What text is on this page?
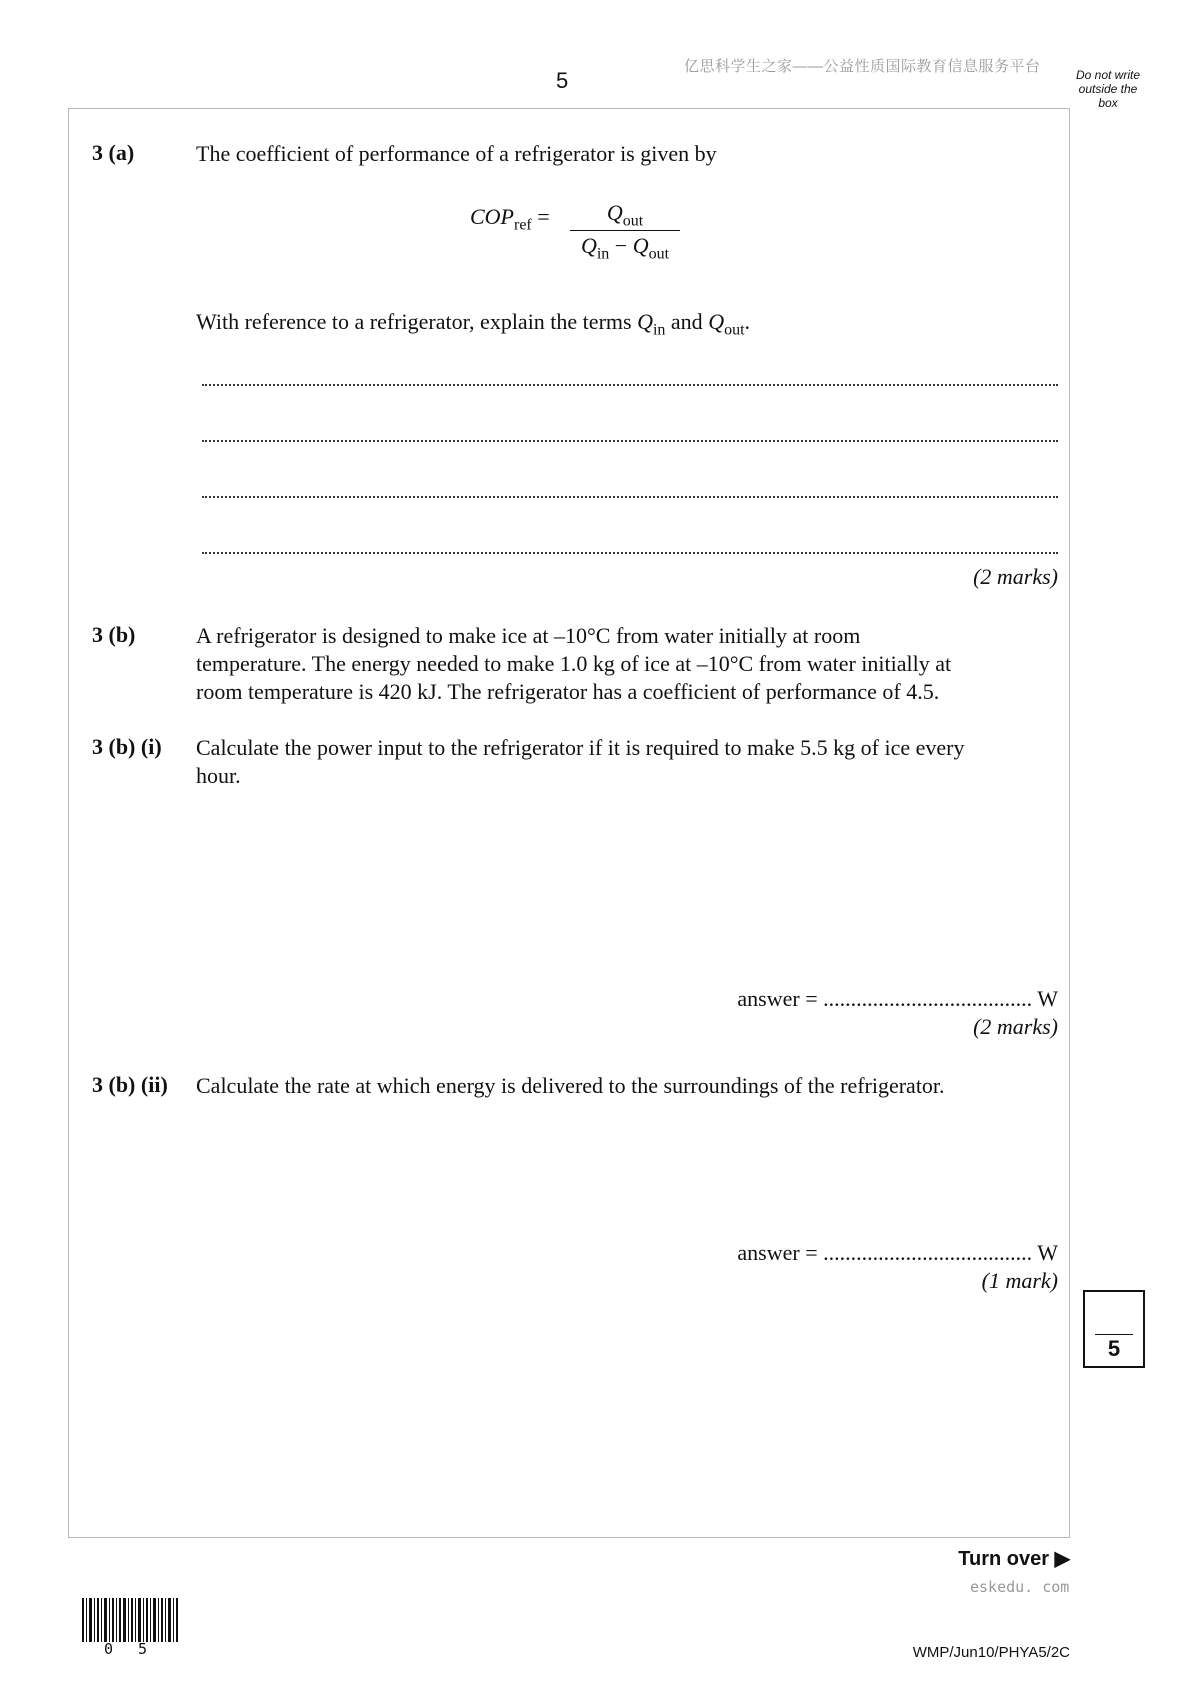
5
亿思科学生之家——公益性质国际教育信息服务平台	Do not write outside the box
3 (a)	The coefficient of performance of a refrigerator is given by
$COP_{ref}$ =	$Q_{out}$
$Q_{in} - Q_{out}$
With reference to a refrigerator, explain the terms $Q_{in}$ and $Q_{out}$.
(2 marks)
3 (b)	A refrigerator is designed to make ice at –10°C from water initially at room
temperature. The energy needed to make 1.0 kg of ice at –10°C from water initially at
room temperature is 420 kJ. The refrigerator has a coefficient of performance of 4.5.
3 (b) (i) Calculate the power input to the refrigerator if it is required to make 5.5 kg of ice every
hour.
answer = ...................................... W
(2 marks)
3 (b) (ii) Calculate the rate at which energy is delivered to the surroundings of the refrigerator.
answer = ...................................... W
(1 mark)
5
Turn over ▶
eskedu. com
0 5	WMP/Jun10/PHYA5/2C
